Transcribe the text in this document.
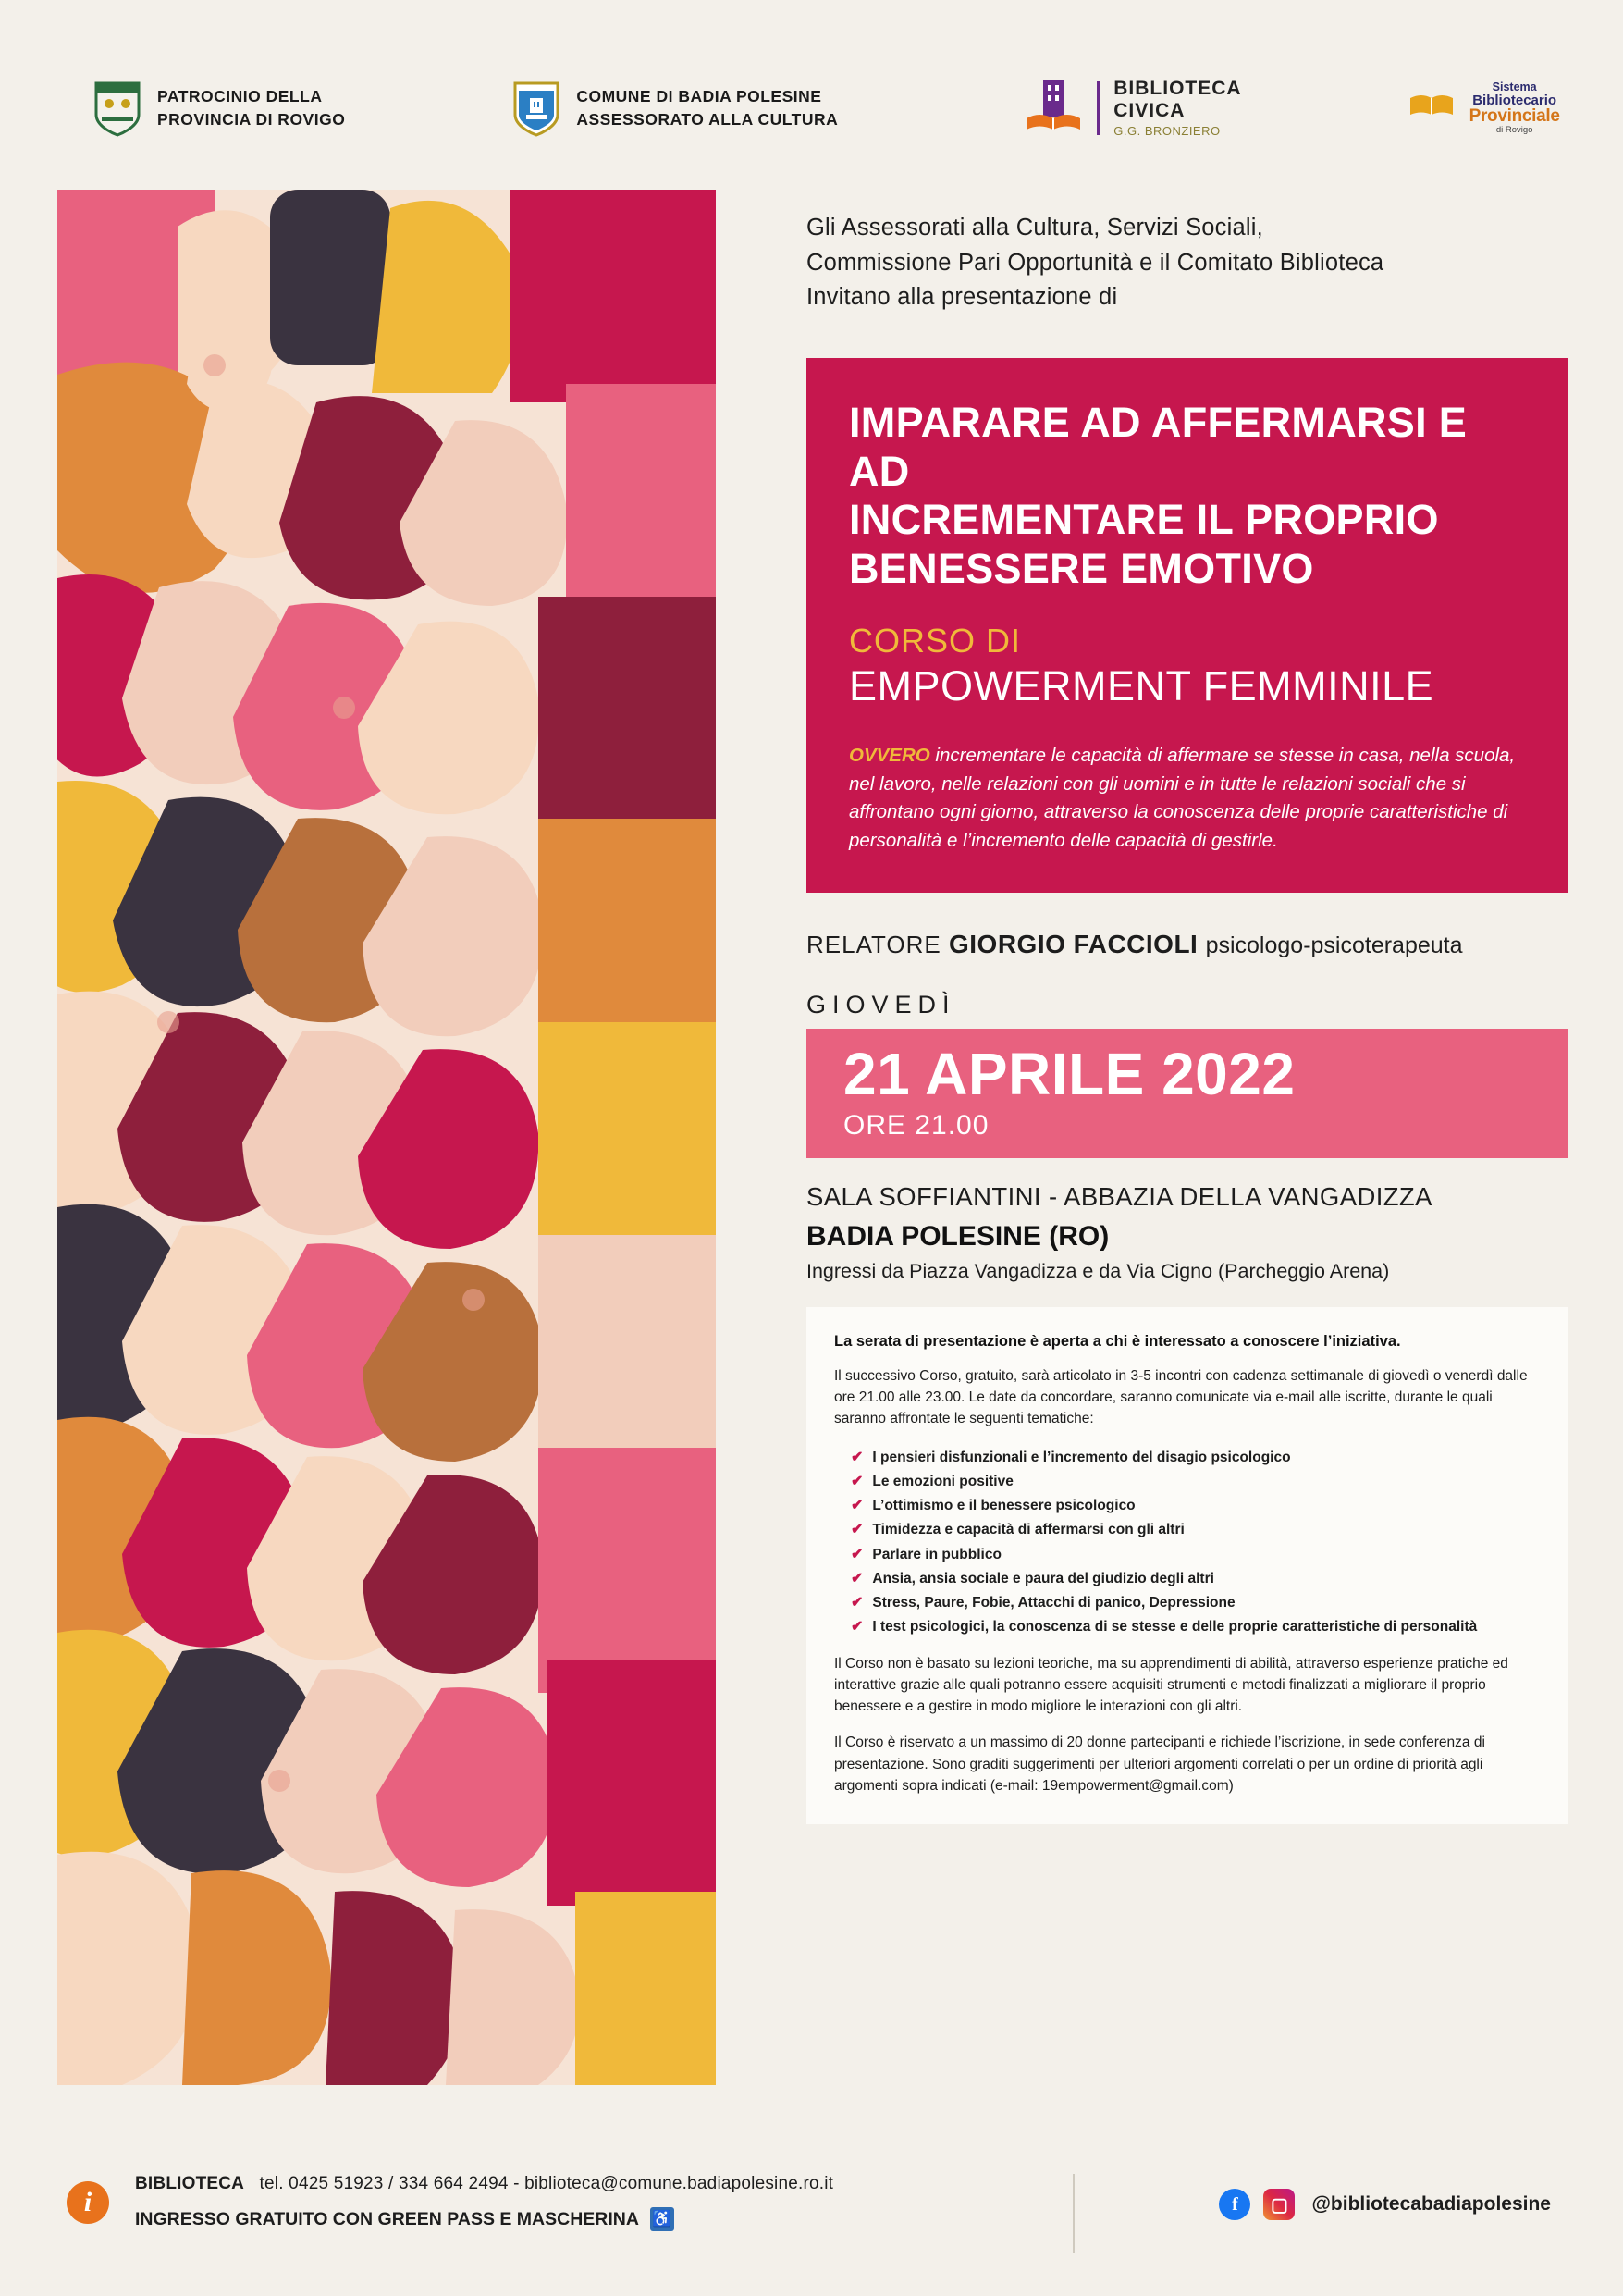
PATROCINIO DELLA
PROVINCIA DI ROVIGO
COMUNE DI BADIA POLESINE
ASSESSORATO ALLA CULTURA
BIBLIOTECA
CIVICA
G.G. BRONZIERO
Sistema
Bibliotecario
Provinciale
di Rovigo
Gli Assessorati alla Cultura, Servizi Sociali,
Commissione Pari Opportunità e il Comitato Biblioteca
Invitano alla presentazione di
IMPARARE AD AFFERMARSI E AD
INCREMENTARE IL PROPRIO
BENESSERE EMOTIVO
CORSO DI
EMPOWERMENT FEMMINILE
OVVERO incrementare le capacità di affermare se stesse in casa, nella scuola, nel lavoro, nelle relazioni con gli uomini e in tutte le relazioni sociali che si affrontano ogni giorno, attraverso la conoscenza delle proprie caratteristiche di personalità e l’incremento delle capacità di gestirle.
RELATORE GIORGIO FACCIOLI psicologo-psicoterapeuta
GIOVEDÌ
21 APRILE 2022
ORE 21.00
SALA SOFFIANTINI - ABBAZIA DELLA VANGADIZZA
BADIA POLESINE (RO)
Ingressi da Piazza Vangadizza e da Via Cigno (Parcheggio Arena)
La serata di presentazione è aperta a chi è interessato a conoscere l’iniziativa.
Il successivo Corso, gratuito, sarà articolato in 3-5 incontri con cadenza settimanale di giovedì o venerdì dalle ore 21.00 alle 23.00. Le date da concordare, saranno comunicate via e-mail alle iscritte, durante le quali saranno affrontate le seguenti tematiche:
✔ I pensieri disfunzionali e l’incremento del disagio psicologico
✔ Le emozioni positive
✔ L’ottimismo e il benessere psicologico
✔ Timidezza e capacità di affermarsi con gli altri
✔ Parlare in pubblico
✔ Ansia, ansia sociale e paura del giudizio degli altri
✔ Stress, Paure, Fobie, Attacchi di panico, Depressione
✔ I test psicologici, la conoscenza di se stesse e delle proprie caratteristiche di personalità
Il Corso non è basato su lezioni teoriche, ma su apprendimenti di abilità, attraverso esperienze pratiche ed interattive grazie alle quali potranno essere acquisiti strumenti e metodi finalizzati a migliorare il proprio benessere e a gestire in modo migliore le interazioni con gli altri.
Il Corso è riservato a un massimo di 20 donne partecipanti e richiede l’iscrizione, in sede conferenza di presentazione. Sono graditi suggerimenti per ulteriori argomenti correlati o per un ordine di priorità agli argomenti sopra indicati (e-mail: 19empowerment@gmail.com)
i
BIBLIOTECA tel. 0425 51923 / 334 664 2494 - biblioteca@comune.badiapolesine.ro.it
INGRESSO GRATUITO CON GREEN PASS E MASCHERINA ♿
f	▢	@bibliotecabadiapolesine
